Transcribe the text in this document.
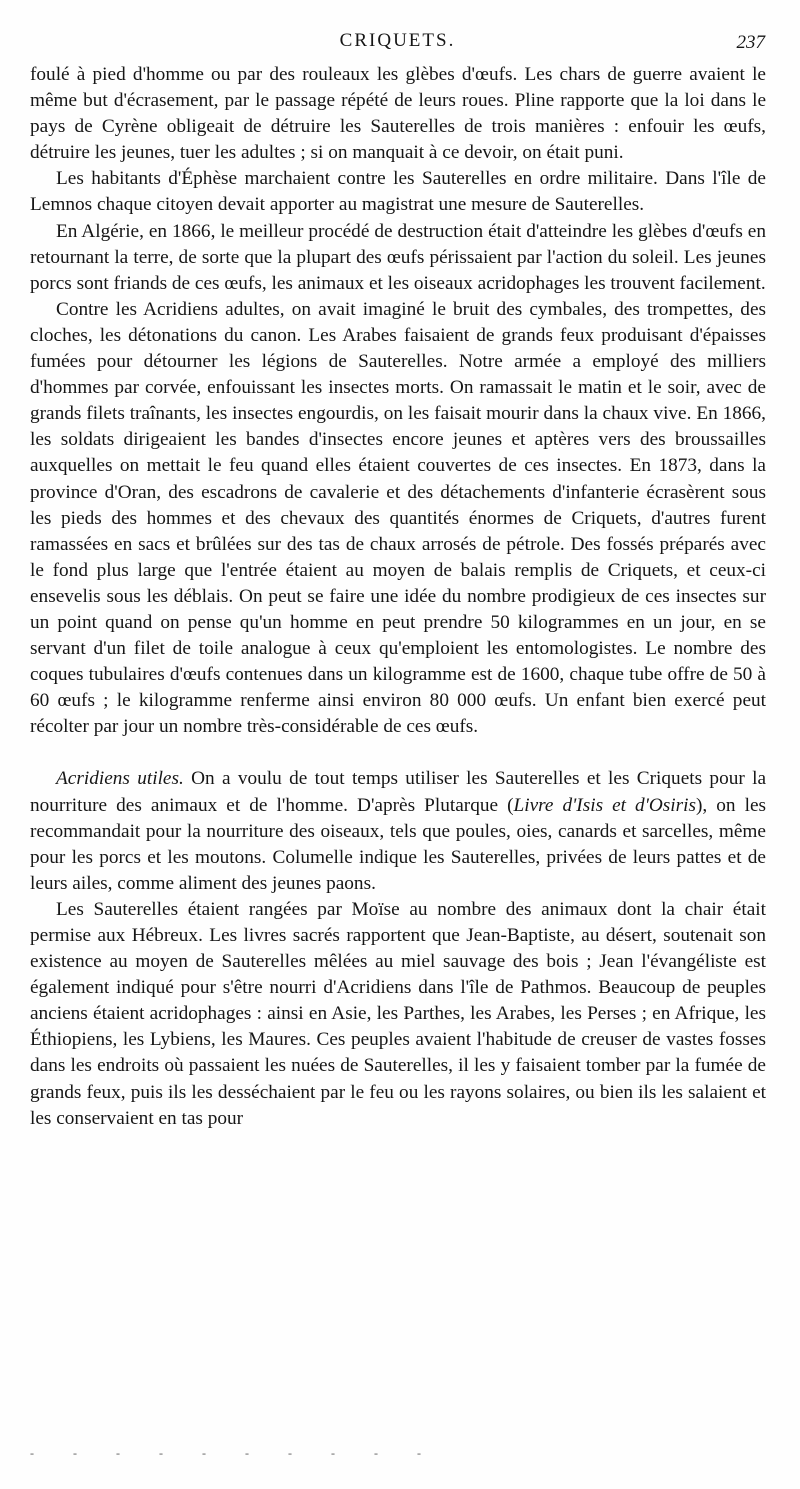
CRIQUETS.	237

foulé à pied d'homme ou par des rouleaux les glèbes d'œufs. Les chars de guerre avaient le même but d'écrasement, par le passage répété de leurs roues. Pline rapporte que la loi dans le pays de Cyrène obligeait de détruire les Sauterelles de trois manières : enfouir les œufs, détruire les jeunes, tuer les adultes ; si on manquait à ce devoir, on était puni.

Les habitants d'Éphèse marchaient contre les Sauterelles en ordre militaire. Dans l'île de Lemnos chaque citoyen devait apporter au magistrat une mesure de Sauterelles.

En Algérie, en 1866, le meilleur procédé de destruction était d'atteindre les glèbes d'œufs en retournant la terre, de sorte que la plupart des œufs périssaient par l'action du soleil. Les jeunes porcs sont friands de ces œufs, les animaux et les oiseaux acridophages les trouvent facilement.

Contre les Acridiens adultes, on avait imaginé le bruit des cymbales, des trompettes, des cloches, les détonations du canon. Les Arabes faisaient de grands feux produisant d'épaisses fumées pour détourner les légions de Sauterelles. Notre armée a employé des milliers d'hommes par corvée, enfouissant les insectes morts. On ramassait le matin et le soir, avec de grands filets traînants, les insectes engourdis, on les faisait mourir dans la chaux vive. En 1866, les soldats dirigeaient les bandes d'insectes encore jeunes et aptères vers des broussailles auxquelles on mettait le feu quand elles étaient couvertes de ces insectes. En 1873, dans la province d'Oran, des escadrons de cavalerie et des détachements d'infanterie écrasèrent sous les pieds des hommes et des chevaux des quantités énormes de Criquets, d'autres furent ramassées en sacs et brûlées sur des tas de chaux arrosés de pétrole. Des fossés préparés avec le fond plus large que l'entrée étaient au moyen de balais remplis de Criquets, et ceux-ci ensevelis sous les déblais. On peut se faire une idée du nombre prodigieux de ces insectes sur un point quand on pense qu'un homme en peut prendre 50 kilogrammes en un jour, en se servant d'un filet de toile analogue à ceux qu'emploient les entomologistes. Le nombre des coques tubulaires d'œufs contenues dans un kilogramme est de 1600, chaque tube offre de 50 à 60 œufs ; le kilogramme renferme ainsi environ 80 000 œufs. Un enfant bien exercé peut récolter par jour un nombre très-considérable de ces œufs.

Acridiens utiles. On a voulu de tout temps utiliser les Sauterelles et les Criquets pour la nourriture des animaux et de l'homme. D'après Plutarque (Livre d'Isis et d'Osiris), on les recommandait pour la nourriture des oiseaux, tels que poules, oies, canards et sarcelles, même pour les porcs et les moutons. Columelle indique les Sauterelles, privées de leurs pattes et de leurs ailes, comme aliment des jeunes paons.

Les Sauterelles étaient rangées par Moïse au nombre des animaux dont la chair était permise aux Hébreux. Les livres sacrés rapportent que Jean-Baptiste, au désert, soutenait son existence au moyen de Sauterelles mêlées au miel sauvage des bois ; Jean l'évangéliste est également indiqué pour s'être nourri d'Acridiens dans l'île de Pathmos. Beaucoup de peuples anciens étaient acridophages : ainsi en Asie, les Parthes, les Arabes, les Perses ; en Afrique, les Éthiopiens, les Lybiens, les Maures. Ces peuples avaient l'habitude de creuser de vastes fosses dans les endroits où passaient les nuées de Sauterelles, il les y faisaient tomber par la fumée de grands feux, puis ils les desséchaient par le feu ou les rayons solaires, ou bien ils les salaient et les conservaient en tas pour

- - - - - - - - - -
